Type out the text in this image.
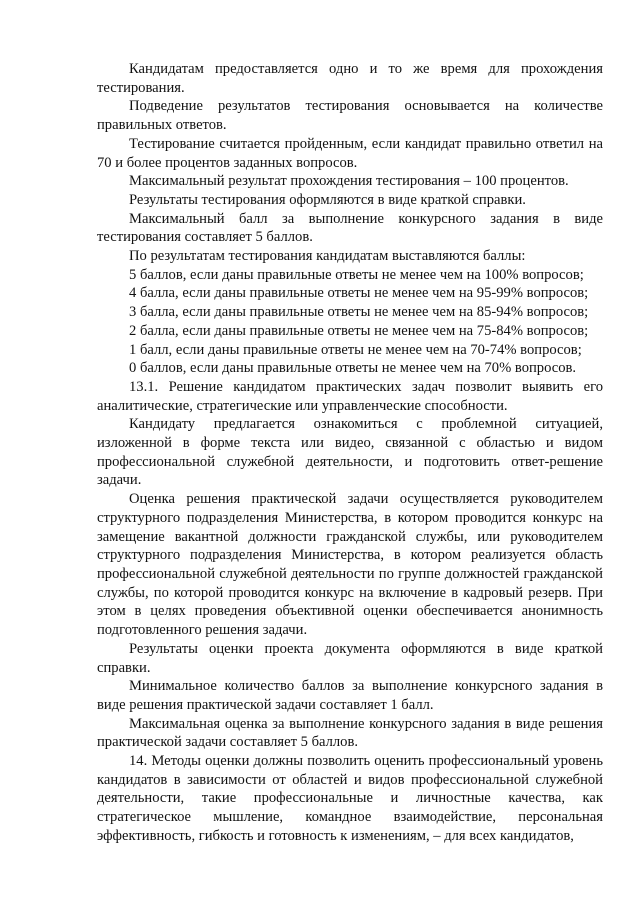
Кандидатам предоставляется одно и то же время для прохождения тестирования.

Подведение результатов тестирования основывается на количестве правильных ответов.

Тестирование считается пройденным, если кандидат правильно ответил на 70 и более процентов заданных вопросов.

Максимальный результат прохождения тестирования – 100 процентов.

Результаты тестирования оформляются в виде краткой справки.

Максимальный балл за выполнение конкурсного задания в виде тестирования составляет 5 баллов.

По результатам тестирования кандидатам выставляются баллы:

5 баллов, если даны правильные ответы не менее чем на 100% вопросов;

4 балла, если даны правильные ответы не менее чем на 95-99% вопросов;

3 балла, если даны правильные ответы не менее чем на 85-94% вопросов;

2 балла, если даны правильные ответы не менее чем на 75-84% вопросов;

1 балл, если даны правильные ответы не менее чем на 70-74% вопросов;

0 баллов, если даны правильные ответы не менее чем на 70% вопросов.

13.1. Решение кандидатом практических задач позволит выявить его аналитические, стратегические или управленческие способности.

Кандидату предлагается ознакомиться с проблемной ситуацией, изложенной в форме текста или видео, связанной с областью и видом профессиональной служебной деятельности, и подготовить ответ-решение задачи.

Оценка решения практической задачи осуществляется руководителем структурного подразделения Министерства, в котором проводится конкурс на замещение вакантной должности гражданской службы, или руководителем структурного подразделения Министерства, в котором реализуется область профессиональной служебной деятельности по группе должностей гражданской службы, по которой проводится конкурс на включение в кадровый резерв. При этом в целях проведения объективной оценки обеспечивается анонимность подготовленного решения задачи.

Результаты оценки проекта документа оформляются в виде краткой справки.

Минимальное количество баллов за выполнение конкурсного задания в виде решения практической задачи составляет 1 балл.

Максимальная оценка за выполнение конкурсного задания в виде решения практической задачи составляет 5 баллов.

14. Методы оценки должны позволить оценить профессиональный уровень кандидатов в зависимости от областей и видов профессиональной служебной деятельности, такие профессиональные и личностные качества, как стратегическое мышление, командное взаимодействие, персональная эффективность, гибкость и готовность к изменениям, – для всех кандидатов,
